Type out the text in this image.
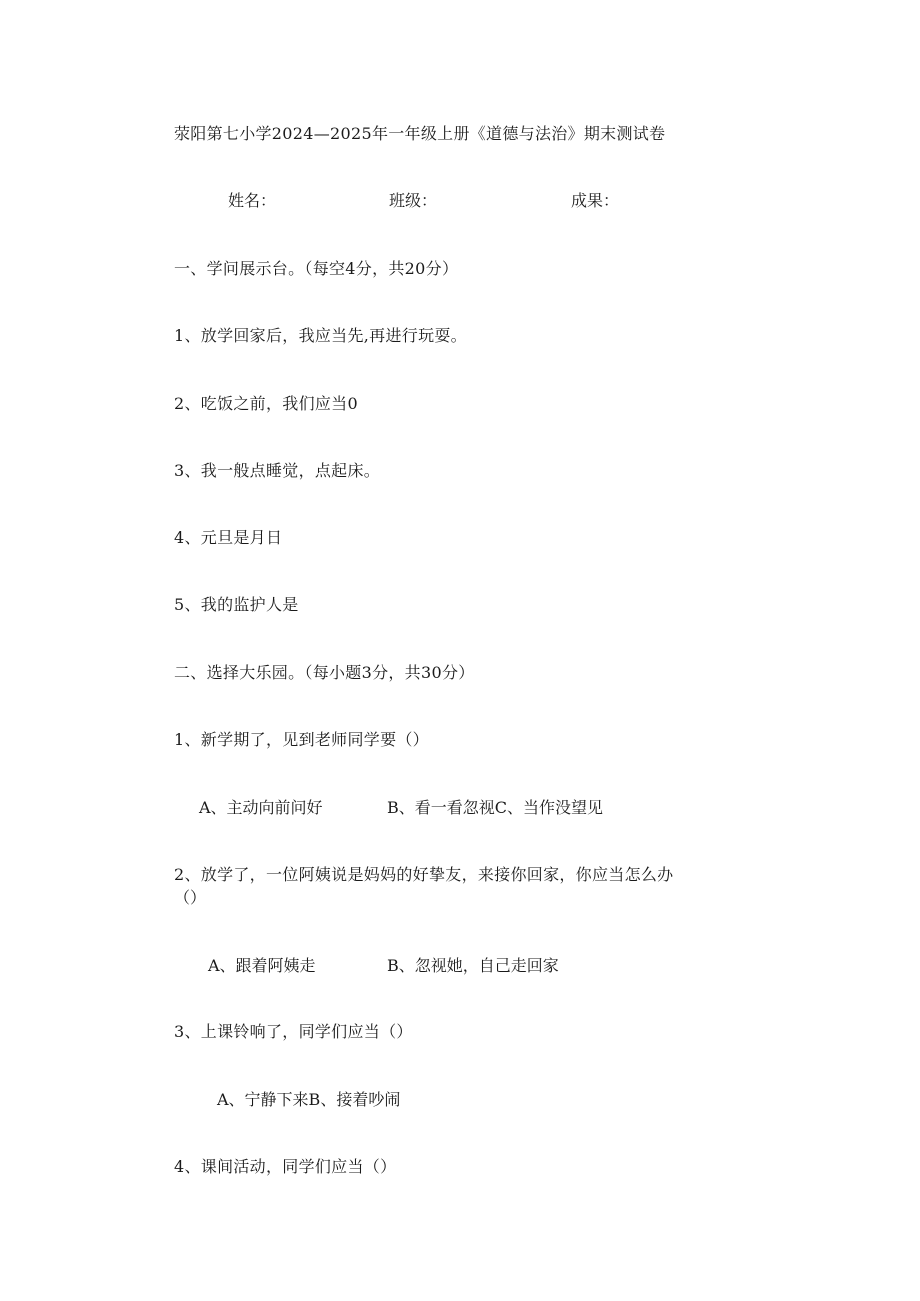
荥阳第七小学2024—2025年一年级上册《道德与法治》期末测试卷
姓名：	班级：	成果：
一、学问展示台。（每空4分，共20分）
1、放学回家后，我应当先,再进行玩耍。
2、吃饭之前，我们应当0
3、我一般点睡觉，点起床。
4、元旦是月日
5、我的监护人是
二、选择大乐园。（每小题3分，共30分）
1、新学期了，见到老师同学要（）
A、主动向前问好	B、看一看忽视C、当作没望见
2、放学了，一位阿姨说是妈妈的好挚友，来接你回家，你应当怎么办
（）
A、跟着阿姨走	B、忽视她，自己走回家
3、上课铃响了，同学们应当（）
A、宁静下来B、接着吵闹
4、课间活动，同学们应当（）
